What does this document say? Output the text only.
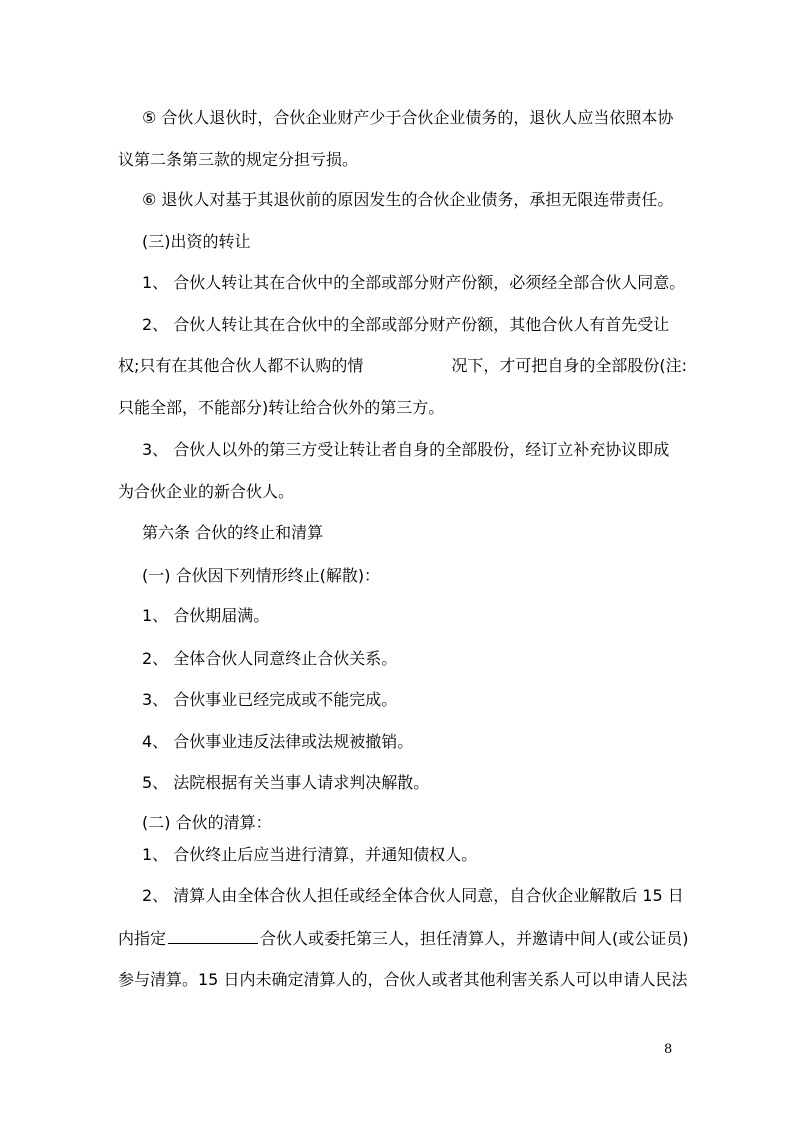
⑤ 合伙人退伙时，合伙企业财产少于合伙企业债务的，退伙人应当依照本协
议第二条第三款的规定分担亏损。
⑥ 退伙人对基于其退伙前的原因发生的合伙企业债务，承担无限连带责任。
(三)出资的转让
1、 合伙人转让其在合伙中的全部或部分财产份额，必须经全部合伙人同意。
2、 合伙人转让其在合伙中的全部或部分财产份额，其他合伙人有首先受让
权;只有在其他合伙人都不认购的情	况下，才可把自身的全部股份(注:
只能全部，不能部分)转让给合伙外的第三方。
3、 合伙人以外的第三方受让转让者自身的全部股份，经订立补充协议即成
为合伙企业的新合伙人。
第六条 合伙的终止和清算
(一) 合伙因下列情形终止(解散)：
1、 合伙期届满。
2、 全体合伙人同意终止合伙关系。
3、 合伙事业已经完成或不能完成。
4、 合伙事业违反法律或法规被撤销。
5、 法院根据有关当事人请求判决解散。
(二) 合伙的清算：
1、 合伙终止后应当进行清算，并通知债权人。
2、 清算人由全体合伙人担任或经全体合伙人同意，自合伙企业解散后 15 日
内指定	合伙人或委托第三人，担任清算人，并邀请中间人(或公证员)
参与清算。15 日内未确定清算人的，合伙人或者其他利害关系人可以申请人民法
8
